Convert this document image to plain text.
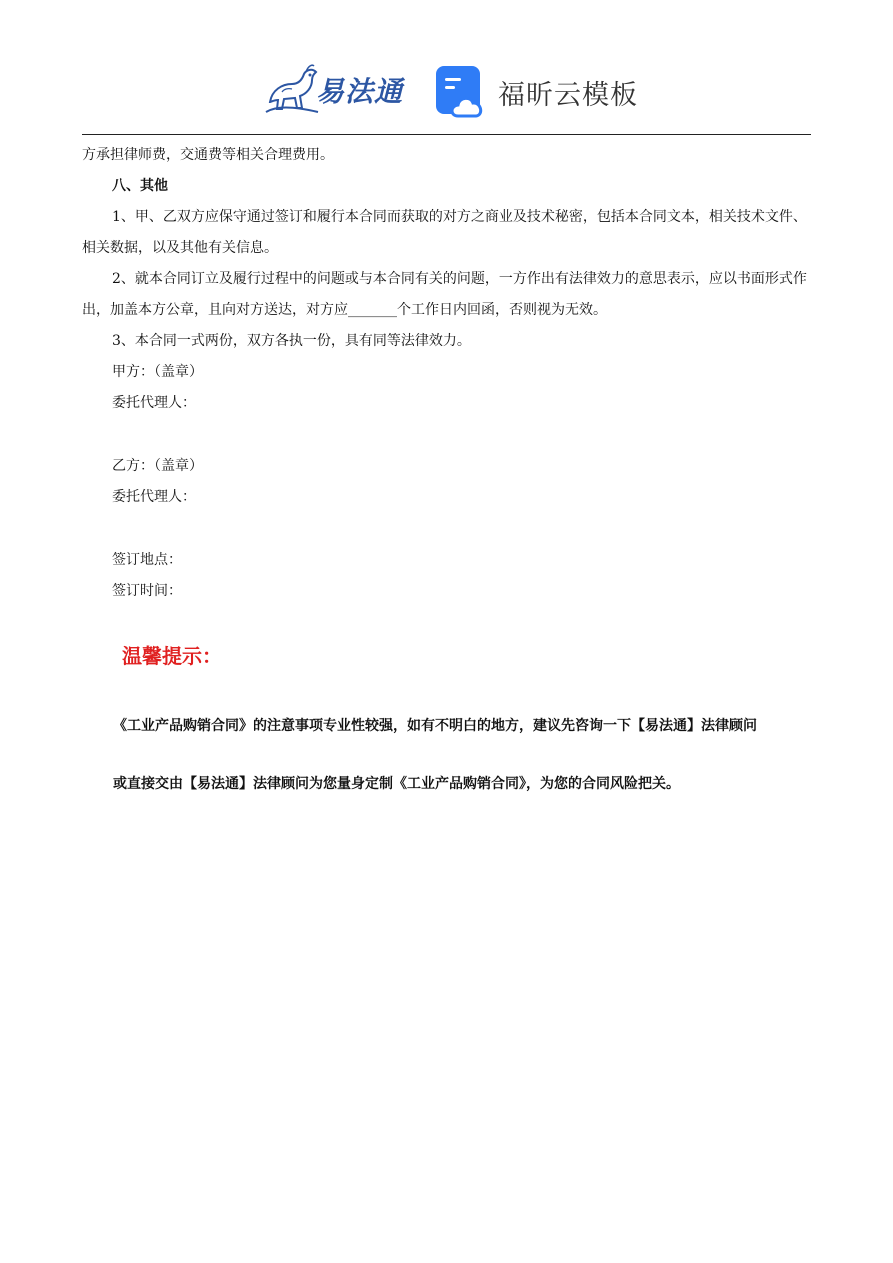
易法通	福昕云模板

方承担律师费，交通费等相关合理费用。

八、其他

1、甲、乙双方应保守通过签订和履行本合同而获取的对方之商业及技术秘密，包括本合同文本，相关技术文件、相关数据，以及其他有关信息。

2、就本合同订立及履行过程中的问题或与本合同有关的问题，一方作出有法律效力的意思表示，应以书面形式作出，加盖本方公章，且向对方送达，对方应_______个工作日内回函，否则视为无效。

3、本合同一式两份，双方各执一份，具有同等法律效力。

甲方：（盖章）

委托代理人：

乙方：（盖章）

委托代理人：

签订地点：

签订时间：

温馨提示：

《工业产品购销合同》的注意事项专业性较强，如有不明白的地方，建议先咨询一下【易法通】法律顾问

或直接交由【易法通】法律顾问为您量身定制《工业产品购销合同》，为您的合同风险把关。
